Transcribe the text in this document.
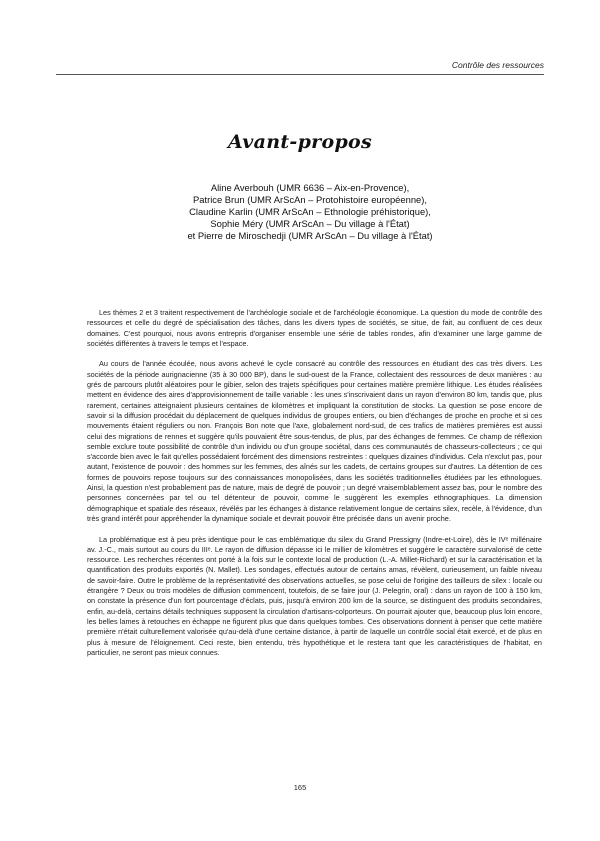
Contrôle des ressources
Avant-propos
Aline Averbouh (UMR 6636 – Aix-en-Provence),
Patrice Brun (UMR ArScAn – Protohistoire européenne),
Claudine Karlin (UMR ArScAn – Ethnologie préhistorique),
Sophie Méry (UMR ArScAn – Du village à l'État)
et Pierre de Miroschedji (UMR ArScAn – Du village à l'État)

Les thèmes 2 et 3 traitent respectivement de l'archéologie sociale et de l'archéologie économique. La question du mode de contrôle des ressources et celle du degré de spécialisation des tâches, dans les divers types de sociétés, se situe, de fait, au confluent de ces deux domaines. C'est pourquoi, nous avons entrepris d'organiser ensemble une série de tables rondes, afin d'examiner une large gamme de sociétés différentes à travers le temps et l'espace.

Au cours de l'année écoulée, nous avons achevé le cycle consacré au contrôle des ressources en étudiant des cas très divers. Les sociétés de la période aurignacienne (35 à 30 000 BP), dans le sud-ouest de la France, collectaient des ressources de deux manières : au grés de parcours plutôt aléatoires pour le gibier, selon des trajets spécifiques pour certaines matière première lithique. Les études réalisées mettent en évidence des aires d'approvisionnement de taille variable : les unes s'inscrivaient dans un rayon d'environ 80 km, tandis que, plus rarement, certaines atteignaient plusieurs centaines de kilomètres et impliquant la constitution de stocks. La question se pose encore de savoir si la diffusion procédait du déplacement de quelques individus de groupes entiers, ou bien d'échanges de proche en proche et si ces mouvements étaient réguliers ou non. François Bon note que l'axe, globalement nord-sud, de ces trafics de matières premières est aussi celui des migrations de rennes et suggère qu'ils pouvaient être sous-tendus, de plus, par des échanges de femmes. Ce champ de réflexion semble exclure toute possibilité de contrôle d'un individu ou d'un groupe sociétal, dans ces communautés de chasseurs-collecteurs ; ce qui s'accorde bien avec le fait qu'elles possédaient forcément des dimensions restreintes : quelques dizaines d'individus. Cela n'exclut pas, pour autant, l'existence de pouvoir : des hommes sur les femmes, des aînés sur les cadets, de certains groupes sur d'autres. La détention de ces formes de pouvoirs repose toujours sur des connaissances monopolisées, dans les sociétés traditionnelles étudiées par les ethnologues. Ainsi, la question n'est probablement pas de nature, mais de degré de pouvoir ; un degré vraisemblablement assez bas, pour le nombre des personnes concernées par tel ou tel détenteur de pouvoir, comme le suggèrent les exemples ethnographiques. La dimension démographique et spatiale des réseaux, révélés par les échanges à distance relativement longue de certains silex, recèle, à l'évidence, d'un très grand intérêt pour appréhender la dynamique sociale et devrait pouvoir être précisée dans un avenir proche.

La problématique est à peu près identique pour le cas emblématique du silex du Grand Pressigny (Indre-et-Loire), dès le IVᵉ millénaire av. J.-C., mais surtout au cours du IIIᵉ. Le rayon de diffusion dépasse ici le millier de kilomètres et suggère le caractère survalorisé de cette ressource. Les recherches récentes ont porté à la fois sur le contexte local de production (L.-A. Millet-Richard) et sur la caractérisation et la quantification des produits exportés (N. Mallet). Les sondages, effectués autour de certains amas, révèlent, curieusement, un faible niveau de savoir-faire. Outre le problème de la représentativité des observations actuelles, se pose celui de l'origine des tailleurs de silex : locale ou étrangère ? Deux ou trois modèles de diffusion commencent, toutefois, de se faire jour (J. Pelegrin, oral) : dans un rayon de 100 à 150 km, on constate la présence d'un fort pourcentage d'éclats, puis, jusqu'à environ 200 km de la source, se distinguent des produits secondaires, enfin, au-delà, certains détails techniques supposent la circulation d'artisans-colporteurs. On pourrait ajouter que, beaucoup plus loin encore, les belles lames à retouches en échарpe ne figurent plus que dans quelques tombes. Ces observations donnent à penser que cette matière première n'était culturellement valorisée qu'au-delà d'une certaine distance, à partir de laquelle un contrôle social était exercé, et de plus en plus à mesure de l'éloignement. Ceci reste, bien entendu, très hypothétique et le restera tant que les caractéristiques de l'habitat, en particulier, ne seront pas mieux connues.

165
